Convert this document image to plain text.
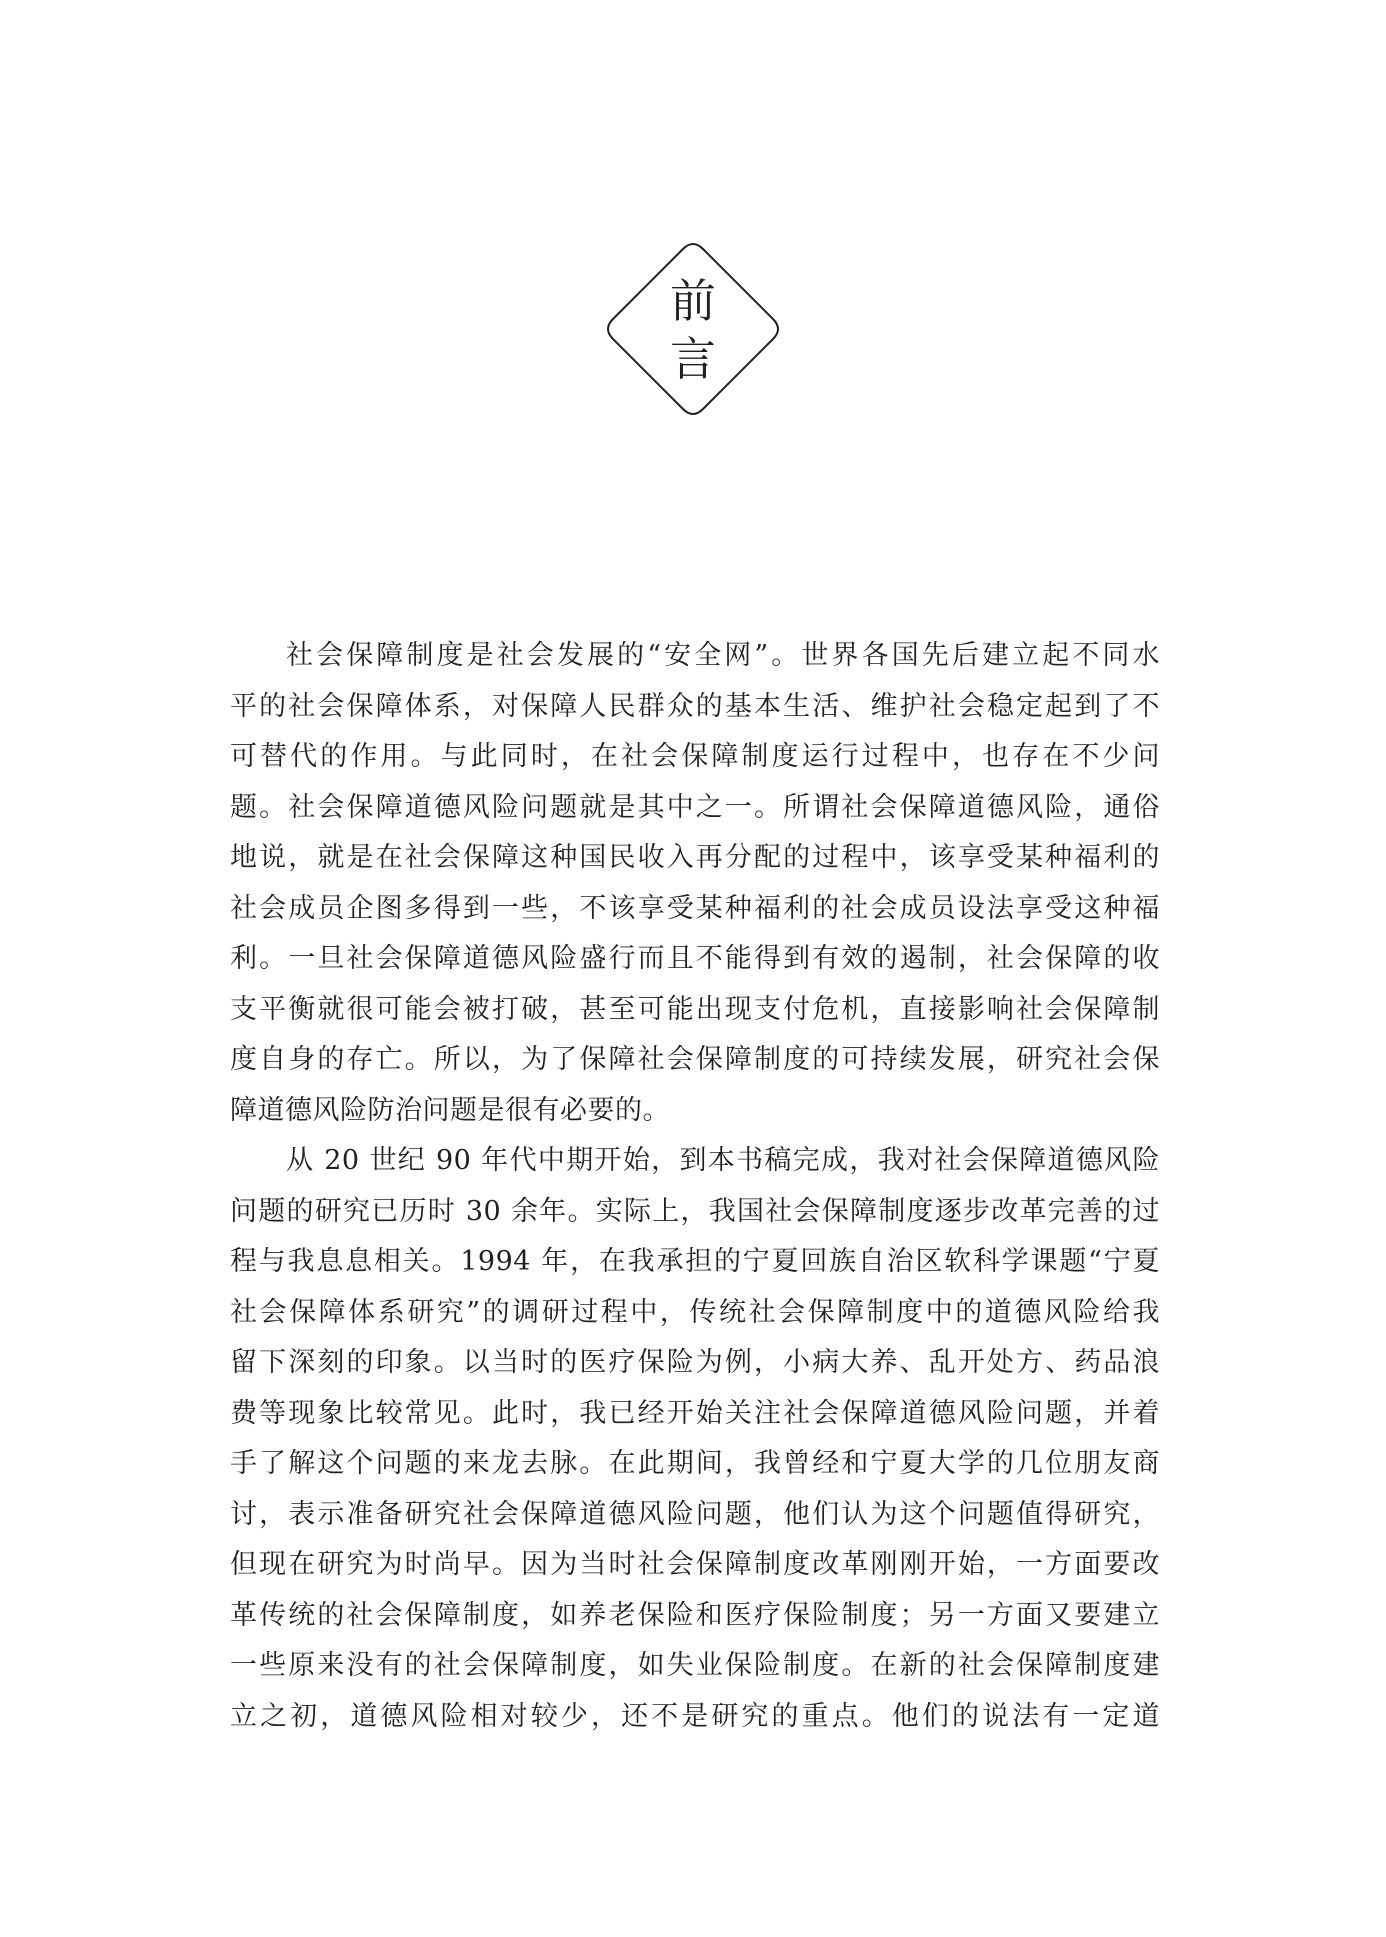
前
言
社会保障制度是社会发展的“安全网”。世界各国先后建立起不同水
平的社会保障体系，对保障人民群众的基本生活、维护社会稳定起到了不
可替代的作用。与此同时，在社会保障制度运行过程中，也存在不少问
题。社会保障道德风险问题就是其中之一。所谓社会保障道德风险，通俗
地说，就是在社会保障这种国民收入再分配的过程中，该享受某种福利的
社会成员企图多得到一些，不该享受某种福利的社会成员设法享受这种福
利。一旦社会保障道德风险盛行而且不能得到有效的遏制，社会保障的收
支平衡就很可能会被打破，甚至可能出现支付危机，直接影响社会保障制
度自身的存亡。所以，为了保障社会保障制度的可持续发展，研究社会保
障道德风险防治问题是很有必要的。
从 20 世纪 90 年代中期开始，到本书稿完成，我对社会保障道德风险
问题的研究已历时 30 余年。实际上，我国社会保障制度逐步改革完善的过
程与我息息相关。1994 年，在我承担的宁夏回族自治区软科学课题“宁夏
社会保障体系研究”的调研过程中，传统社会保障制度中的道德风险给我
留下深刻的印象。以当时的医疗保险为例，小病大养、乱开处方、药品浪
费等现象比较常见。此时，我已经开始关注社会保障道德风险问题，并着
手了解这个问题的来龙去脉。在此期间，我曾经和宁夏大学的几位朋友商
讨，表示准备研究社会保障道德风险问题，他们认为这个问题值得研究，
但现在研究为时尚早。因为当时社会保障制度改革刚刚开始，一方面要改
革传统的社会保障制度，如养老保险和医疗保险制度；另一方面又要建立
一些原来没有的社会保障制度，如失业保险制度。在新的社会保障制度建
立之初，道德风险相对较少，还不是研究的重点。他们的说法有一定道
